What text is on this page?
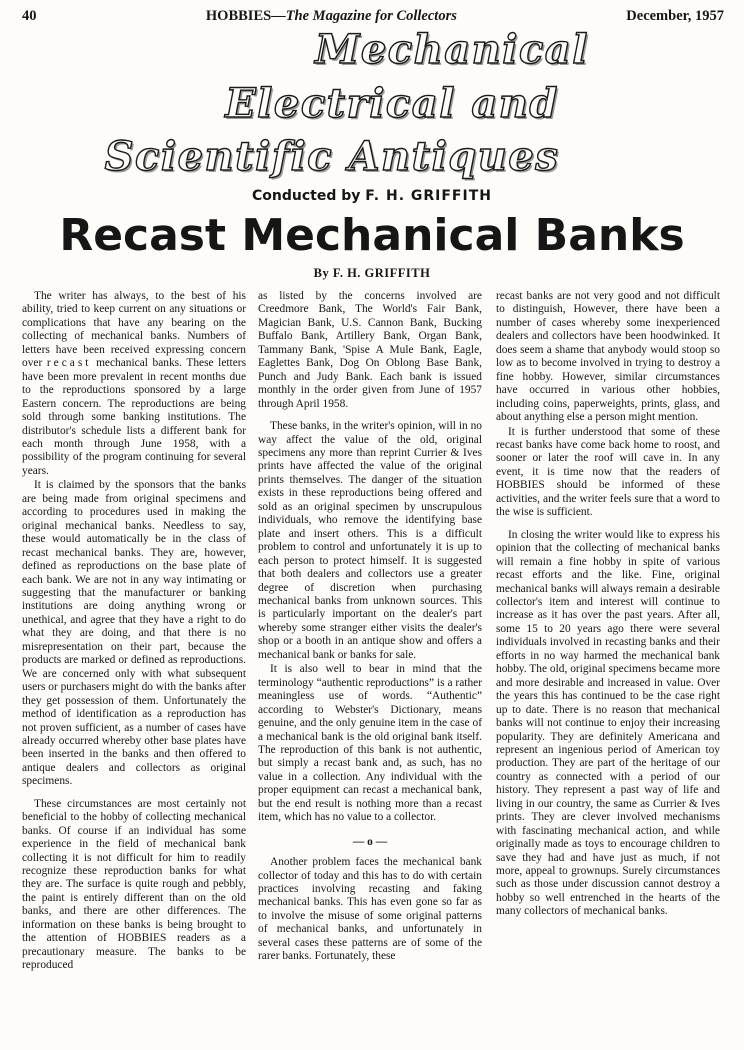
40	HOBBIES—The Magazine for Collectors	December, 1957
Mechanical
Electrical and
Scientific Antiques
Conducted by F. H. GRIFFITH
Recast Mechanical Banks
By F. H. GRIFFITH

The writer has always, to the best of his ability, tried to keep current on any situations or complications that have any bearing on the collecting of mechanical banks. Numbers of letters have been received expressing concern over recast mechanical banks. These letters have been more prevalent in recent months due to the reproductions sponsored by a large Eastern concern. The reproductions are being sold through some banking institutions. The distributor's schedule lists a different bank for each month through June 1958, with a possibility of the program continuing for several years.

It is claimed by the sponsors that the banks are being made from original specimens and according to procedures used in making the original mechanical banks. Needless to say, these would automatically be in the class of recast mechanical banks. They are, however, defined as reproductions on the base plate of each bank. We are not in any way intimating or suggesting that the manufacturer or banking institutions are doing anything wrong or unethical, and agree that they have a right to do what they are doing, and that there is no misrepresentation on their part, because the products are marked or defined as reproductions. We are concerned only with what subsequent users or purchasers might do with the banks after they get possession of them. Unfortunately the method of identification as a reproduction has not proven sufficient, as a number of cases have already occurred whereby other base plates have been inserted in the banks and then offered to antique dealers and collectors as original specimens.

These circumstances are most certainly not beneficial to the hobby of collecting mechanical banks. Of course if an individual has some experience in the field of mechanical bank collecting it is not difficult for him to readily recognize these reproduction banks for what they are. The surface is quite rough and pebbly, the paint is entirely different than on the old banks, and there are other differences. The information on these banks is being brought to the attention of HOBBIES readers as a precautionary measure. The banks to be reproduced

as listed by the concerns involved are Creedmore Bank, The World's Fair Bank, Magician Bank, U.S. Cannon Bank, Bucking Buffalo Bank, Artillery Bank, Organ Bank, Tammany Bank, 'Spise A Mule Bank, Eagle, Eaglettes Bank, Dog On Oblong Base Bank, Punch and Judy Bank. Each bank is issued monthly in the order given from June of 1957 through April 1958.

These banks, in the writer's opinion, will in no way affect the value of the old, original specimens any more than reprint Currier & Ives prints have affected the value of the original prints themselves. The danger of the situation exists in these reproductions being offered and sold as an original specimen by unscrupulous individuals, who remove the identifying base plate and insert others. This is a difficult problem to control and unfortunately it is up to each person to protect himself. It is suggested that both dealers and collectors use a greater degree of discretion when purchasing mechanical banks from unknown sources. This is particularly important on the dealer's part whereby some stranger either visits the dealer's shop or a booth in an antique show and offers a mechanical bank or banks for sale.

It is also well to bear in mind that the terminology “authentic reproductions” is a rather meaningless use of words. “Authentic” according to Webster's Dictionary, means genuine, and the only genuine item in the case of a mechanical bank is the old original bank itself. The reproduction of this bank is not authentic, but simply a recast bank and, as such, has no value in a collection. Any individual with the proper equipment can recast a mechanical bank, but the end result is nothing more than a recast item, which has no value to a collector.

— o —

Another problem faces the mechanical bank collector of today and this has to do with certain practices involving recasting and faking mechanical banks. This has even gone so far as to involve the misuse of some original patterns of mechanical banks, and unfortunately in several cases these patterns are of some of the rarer banks. Fortunately, these

recast banks are not very good and not difficult to distinguish, However, there have been a number of cases whereby some inexperienced dealers and collectors have been hoodwinked. It does seem a shame that anybody would stoop so low as to become involved in trying to destroy a fine hobby. However, similar circumstances have occurred in various other hobbies, including coins, paperweights, prints, glass, and about anything else a person might mention.

It is further understood that some of these recast banks have come back home to roost, and sooner or later the roof will cave in. In any event, it is time now that the readers of HOBBIES should be informed of these activities, and the writer feels sure that a word to the wise is sufficient.

In closing the writer would like to express his opinion that the collecting of mechanical banks will remain a fine hobby in spite of various recast efforts and the like. Fine, original mechanical banks will always remain a desirable collector's item and interest will continue to increase as it has over the past years. After all, some 15 to 20 years ago there were several individuals involved in recasting banks and their efforts in no way harmed the mechanical bank hobby. The old, original specimens became more and more desirable and increased in value. Over the years this has continued to be the case right up to date. There is no reason that mechanical banks will not continue to enjoy their increasing popularity. They are definitely Americana and represent an ingenious period of American toy production. They are part of the heritage of our country as connected with a period of our history. They represent a past way of life and living in our country, the same as Currier & Ives prints. They are clever involved mechanisms with fascinating mechanical action, and while originally made as toys to encourage children to save they had and have just as much, if not more, appeal to grownups. Surely circumstances such as those under discussion cannot destroy a hobby so well entrenched in the hearts of the many collectors of mechanical banks.
